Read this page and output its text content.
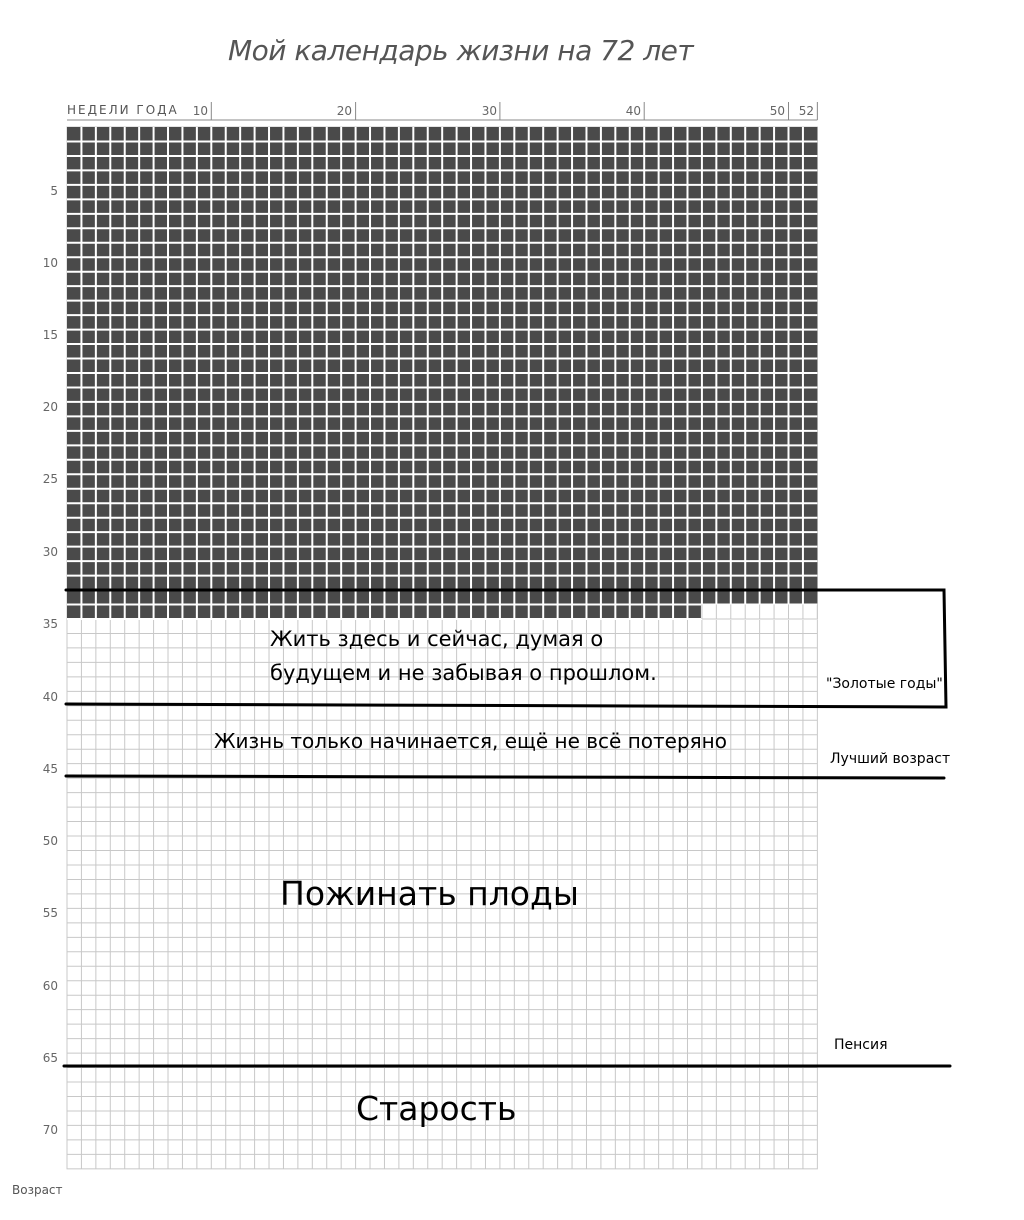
Мой календарь жизни на 72 лет
НЕДЕЛИ ГОДА	10	20	30	40	50	52
5
10
15
20
25
30
35
40
45
50
55
60
65
70
Жить здесь и сейчас, думая о
будущем и не забывая о прошлом.	"Золотые годы"
Жизнь только начинается, ещё не всё потеряно
Лучший возраст
Пожинать плоды
Пенсия
Старость
Возраст
